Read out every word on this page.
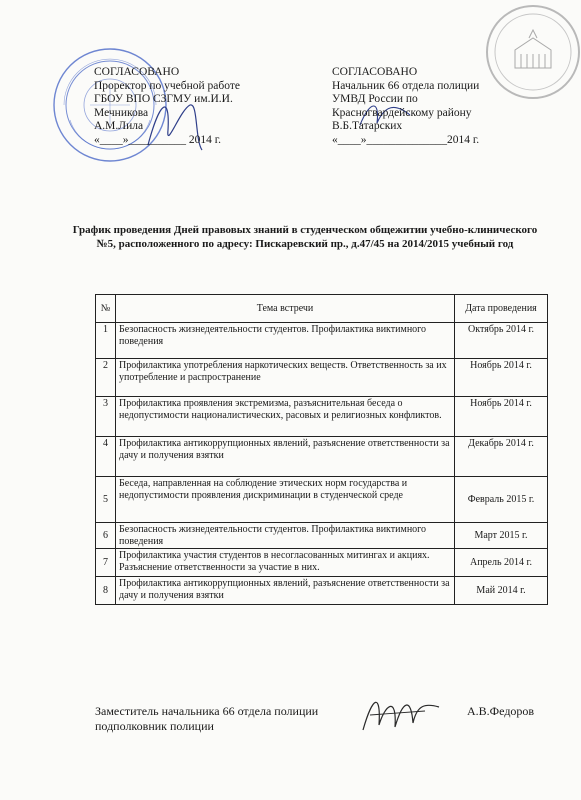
СОГЛАСОВАНО
Проректор по учебной работе
ГБОУ ВПО СЗГМУ им.И.И.
Мечникова
А.М.Лила
«____»__________ 2014 г.
СОГЛАСОВАНО
Начальник 66 отдела полиции
УМВД России по
Красногвардейскому району
В.Б.Татарских
«____»______________2014 г.
График проведения Дней правовых знаний в студенческом общежитии учебно-клинического №5, расположенного по адресу: Пискаревский пр., д.47/45 на 2014/2015 учебный год
№	Тема встречи	Дата проведения
1	Безопасность жизнедеятельности студентов. Профилактика виктимного поведения	Октябрь 2014 г.
2	Профилактика употребления наркотических веществ. Ответственность за их употребление и распространение	Ноябрь 2014 г.
3	Профилактика проявления экстремизма, разъяснительная беседа о недопустимости националистических, расовых и религиозных конфликтов.	Ноябрь 2014 г.
4	Профилактика антикоррупционных явлений, разъяснение ответственности за дачу и получения взятки	Декабрь 2014 г.
5	Беседа, направленная на соблюдение этических норм государства и недопустимости проявления дискриминации в студенческой среде	Февраль 2015 г.
6	Безопасность жизнедеятельности студентов. Профилактика виктимного поведения	Март 2015 г.
7	Профилактика участия студентов в несогласованных митингах и акциях. Разъяснение ответственности за участие в них.	Апрель 2014 г.
8	Профилактика антикоррупционных явлений, разъяснение ответственности за дачу и получения взятки	Май 2014 г.
Заместитель начальника 66 отдела полиции
подполковник полиции
А.В.Федоров
